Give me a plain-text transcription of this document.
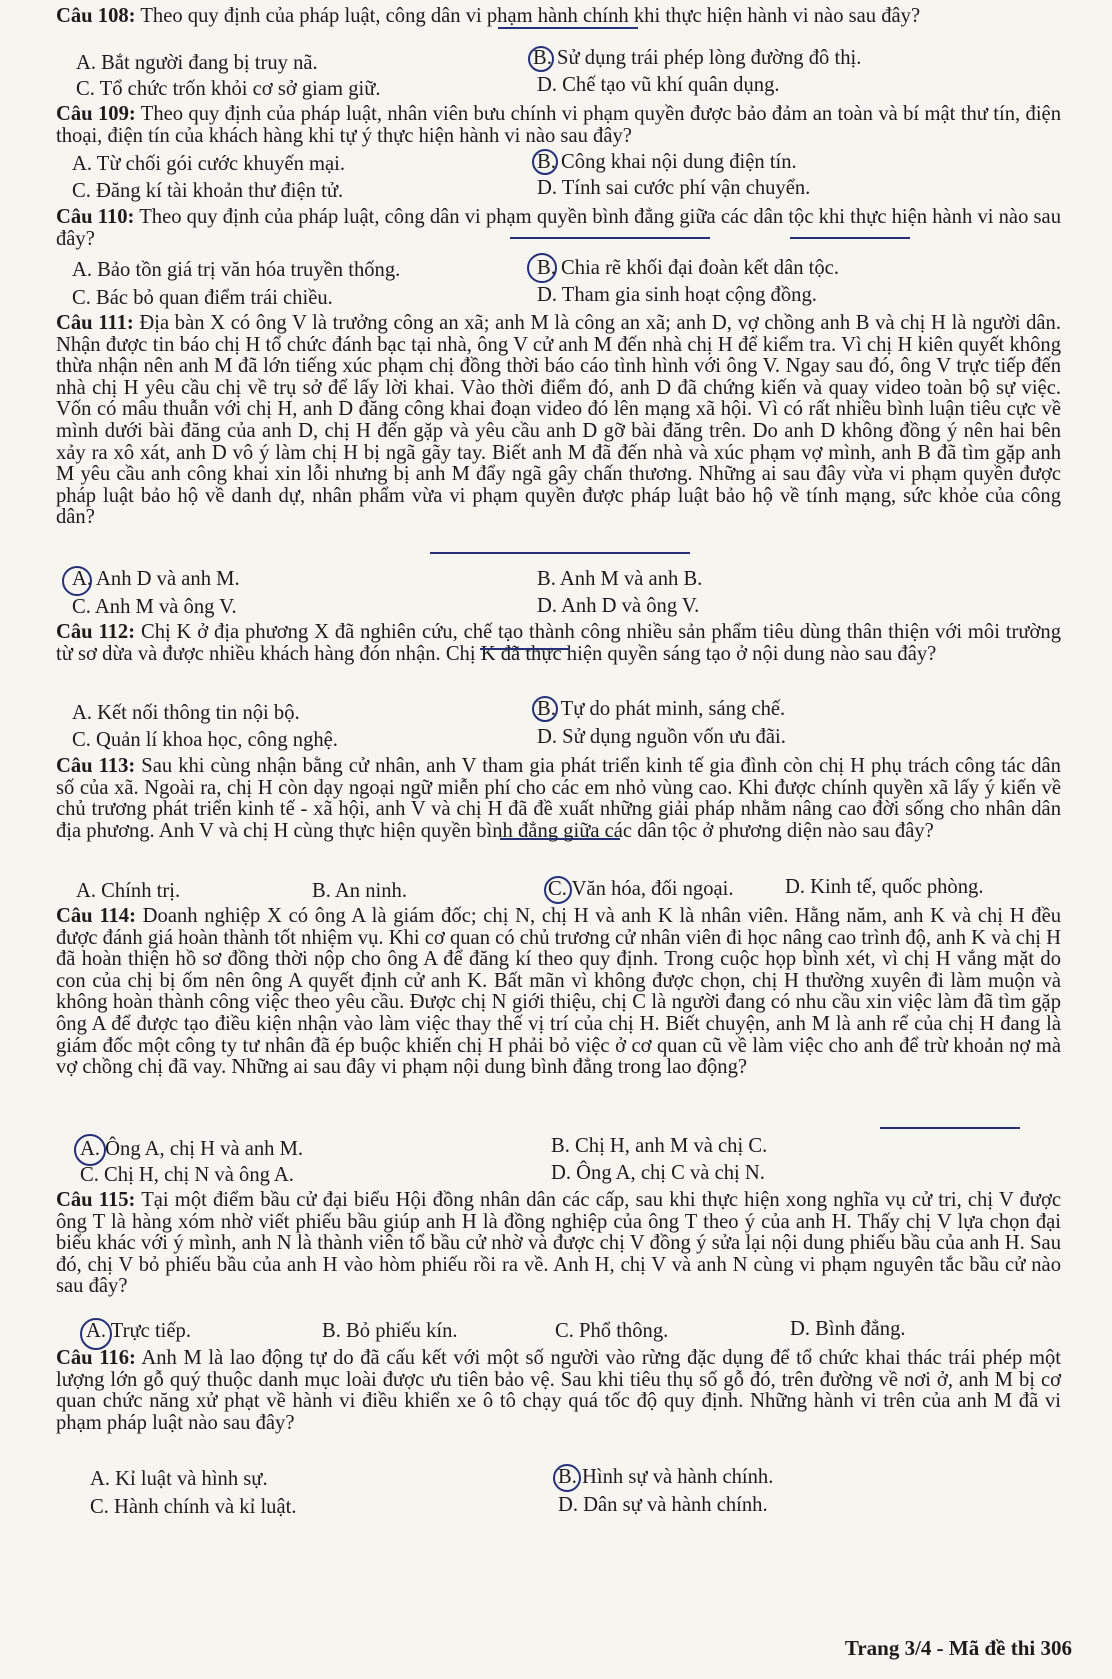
Câu 108: Theo quy định của pháp luật, công dân vi phạm hành chính khi thực hiện hành vi nào sau đây?
A. Bắt người đang bị truy nã.	B. Sử dụng trái phép lòng đường đô thị.
C. Tổ chức trốn khỏi cơ sở giam giữ.	D. Chế tạo vũ khí quân dụng.
Câu 109: Theo quy định của pháp luật, nhân viên bưu chính vi phạm quyền được bảo đảm an toàn và bí mật thư tín, điện thoại, điện tín của khách hàng khi tự ý thực hiện hành vi nào sau đây?
A. Từ chối gói cước khuyến mại.	B. Công khai nội dung điện tín.
C. Đăng kí tài khoản thư điện tử.	D. Tính sai cước phí vận chuyển.
Câu 110: Theo quy định của pháp luật, công dân vi phạm quyền bình đẳng giữa các dân tộc khi thực hiện hành vi nào sau đây?
A. Bảo tồn giá trị văn hóa truyền thống.	B. Chia rẽ khối đại đoàn kết dân tộc.
C. Bác bỏ quan điểm trái chiều.	D. Tham gia sinh hoạt cộng đồng.
Câu 111: Địa bàn X có ông V là trưởng công an xã; anh M là công an xã; anh D, vợ chồng anh B và chị H là người dân. Nhận được tin báo chị H tổ chức đánh bạc tại nhà, ông V cử anh M đến nhà chị H để kiểm tra. Vì chị H kiên quyết không thừa nhận nên anh M đã lớn tiếng xúc phạm chị đồng thời báo cáo tình hình với ông V. Ngay sau đó, ông V trực tiếp đến nhà chị H yêu cầu chị về trụ sở để lấy lời khai. Vào thời điểm đó, anh D đã chứng kiến và quay video toàn bộ sự việc. Vốn có mâu thuẫn với chị H, anh D đăng công khai đoạn video đó lên mạng xã hội. Vì có rất nhiều bình luận tiêu cực về mình dưới bài đăng của anh D, chị H đến gặp và yêu cầu anh D gỡ bài đăng trên. Do anh D không đồng ý nên hai bên xảy ra xô xát, anh D vô ý làm chị H bị ngã gãy tay. Biết anh M đã đến nhà và xúc phạm vợ mình, anh B đã tìm gặp anh M yêu cầu anh công khai xin lỗi nhưng bị anh M đẩy ngã gây chấn thương. Những ai sau đây vừa vi phạm quyền được pháp luật bảo hộ về danh dự, nhân phẩm vừa vi phạm quyền được pháp luật bảo hộ về tính mạng, sức khỏe của công dân?
A. Anh D và anh M.	B. Anh M và anh B.
C. Anh M và ông V.	D. Anh D và ông V.
Câu 112: Chị K ở địa phương X đã nghiên cứu, chế tạo thành công nhiều sản phẩm tiêu dùng thân thiện với môi trường từ sơ dừa và được nhiều khách hàng đón nhận. Chị K đã thực hiện quyền sáng tạo ở nội dung nào sau đây?
A. Kết nối thông tin nội bộ.	B. Tự do phát minh, sáng chế.
C. Quản lí khoa học, công nghệ.	D. Sử dụng nguồn vốn ưu đãi.
Câu 113: Sau khi cùng nhận bằng cử nhân, anh V tham gia phát triển kinh tế gia đình còn chị H phụ trách công tác dân số của xã. Ngoài ra, chị H còn dạy ngoại ngữ miễn phí cho các em nhỏ vùng cao. Khi được chính quyền xã lấy ý kiến về chủ trương phát triển kinh tế - xã hội, anh V và chị H đã đề xuất những giải pháp nhằm nâng cao đời sống cho nhân dân địa phương. Anh V và chị H cùng thực hiện quyền bình đẳng giữa các dân tộc ở phương diện nào sau đây?
A. Chính trị.	B. An ninh.	C. Văn hóa, đối ngoại. D. Kinh tế, quốc phòng.
Câu 114: Doanh nghiệp X có ông A là giám đốc; chị N, chị H và anh K là nhân viên. Hằng năm, anh K và chị H đều được đánh giá hoàn thành tốt nhiệm vụ. Khi cơ quan có chủ trương cử nhân viên đi học nâng cao trình độ, anh K và chị H đã hoàn thiện hồ sơ đồng thời nộp cho ông A để đăng kí theo quy định. Trong cuộc họp bình xét, vì chị H vắng mặt do con của chị bị ốm nên ông A quyết định cử anh K. Bất mãn vì không được chọn, chị H thường xuyên đi làm muộn và không hoàn thành công việc theo yêu cầu. Được chị N giới thiệu, chị C là người đang có nhu cầu xin việc làm đã tìm gặp ông A để được tạo điều kiện nhận vào làm việc thay thế vị trí của chị H. Biết chuyện, anh M là anh rể của chị H đang là giám đốc một công ty tư nhân đã ép buộc khiến chị H phải bỏ việc ở cơ quan cũ về làm việc cho anh để trừ khoản nợ mà vợ chồng chị đã vay. Những ai sau đây vi phạm nội dung bình đẳng trong lao động?
A. Ông A, chị H và anh M.	B. Chị H, anh M và chị C.
C. Chị H, chị N và ông A.	D. Ông A, chị C và chị N.
Câu 115: Tại một điểm bầu cử đại biểu Hội đồng nhân dân các cấp, sau khi thực hiện xong nghĩa vụ cử tri, chị V được ông T là hàng xóm nhờ viết phiếu bầu giúp anh H là đồng nghiệp của ông T theo ý của anh H. Thấy chị V lựa chọn đại biểu khác với ý mình, anh N là thành viên tổ bầu cử nhờ và được chị V đồng ý sửa lại nội dung phiếu bầu của anh H. Sau đó, chị V bỏ phiếu bầu của anh H vào hòm phiếu rồi ra về. Anh H, chị V và anh N cùng vi phạm nguyên tắc bầu cử nào sau đây?
A. Trực tiếp.	B. Bỏ phiếu kín.	C. Phổ thông.	D. Bình đẳng.
Câu 116: Anh M là lao động tự do đã cấu kết với một số người vào rừng đặc dụng để tổ chức khai thác trái phép một lượng lớn gỗ quý thuộc danh mục loài được ưu tiên bảo vệ. Sau khi tiêu thụ số gỗ đó, trên đường về nơi ở, anh M bị cơ quan chức năng xử phạt về hành vi điều khiển xe ô tô chạy quá tốc độ quy định. Những hành vi trên của anh M đã vi phạm pháp luật nào sau đây?
A. Kỉ luật và hình sự.	B. Hình sự và hành chính.
C. Hành chính và kỉ luật.	D. Dân sự và hành chính.
Trang 3/4 - Mã đề thi 306
